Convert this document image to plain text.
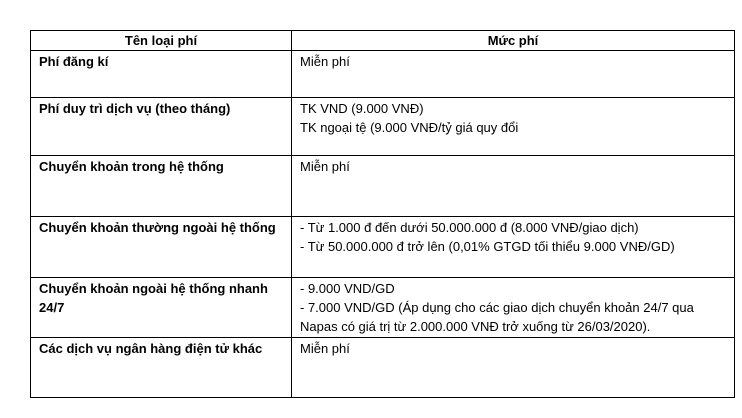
Tên loại phí	Mức phí
Phí đăng kí	Miễn phí

Phí duy trì dịch vụ (theo tháng)	TK VND (9.000 VNĐ)
TK ngoại tệ (9.000 VNĐ/tỷ giá quy đổi

Chuyển khoản trong hệ thống	Miễn phí

Chuyển khoản thường ngoài hệ thống	- Từ 1.000 đ đến dưới 50.000.000 đ (8.000 VNĐ/giao dịch)
- Từ 50.000.000 đ trở lên (0,01% GTGD tối thiểu 9.000 VNĐ/GD)

Chuyển khoản ngoài hệ thống nhanh 24/7	- 9.000 VND/GD
- 7.000 VND/GD (Áp dụng cho các giao dịch chuyển khoản 24/7 qua Napas có giá trị từ 2.000.000 VNĐ trở xuống từ 26/03/2020).

Các dịch vụ ngân hàng điện tử khác	Miễn phí
